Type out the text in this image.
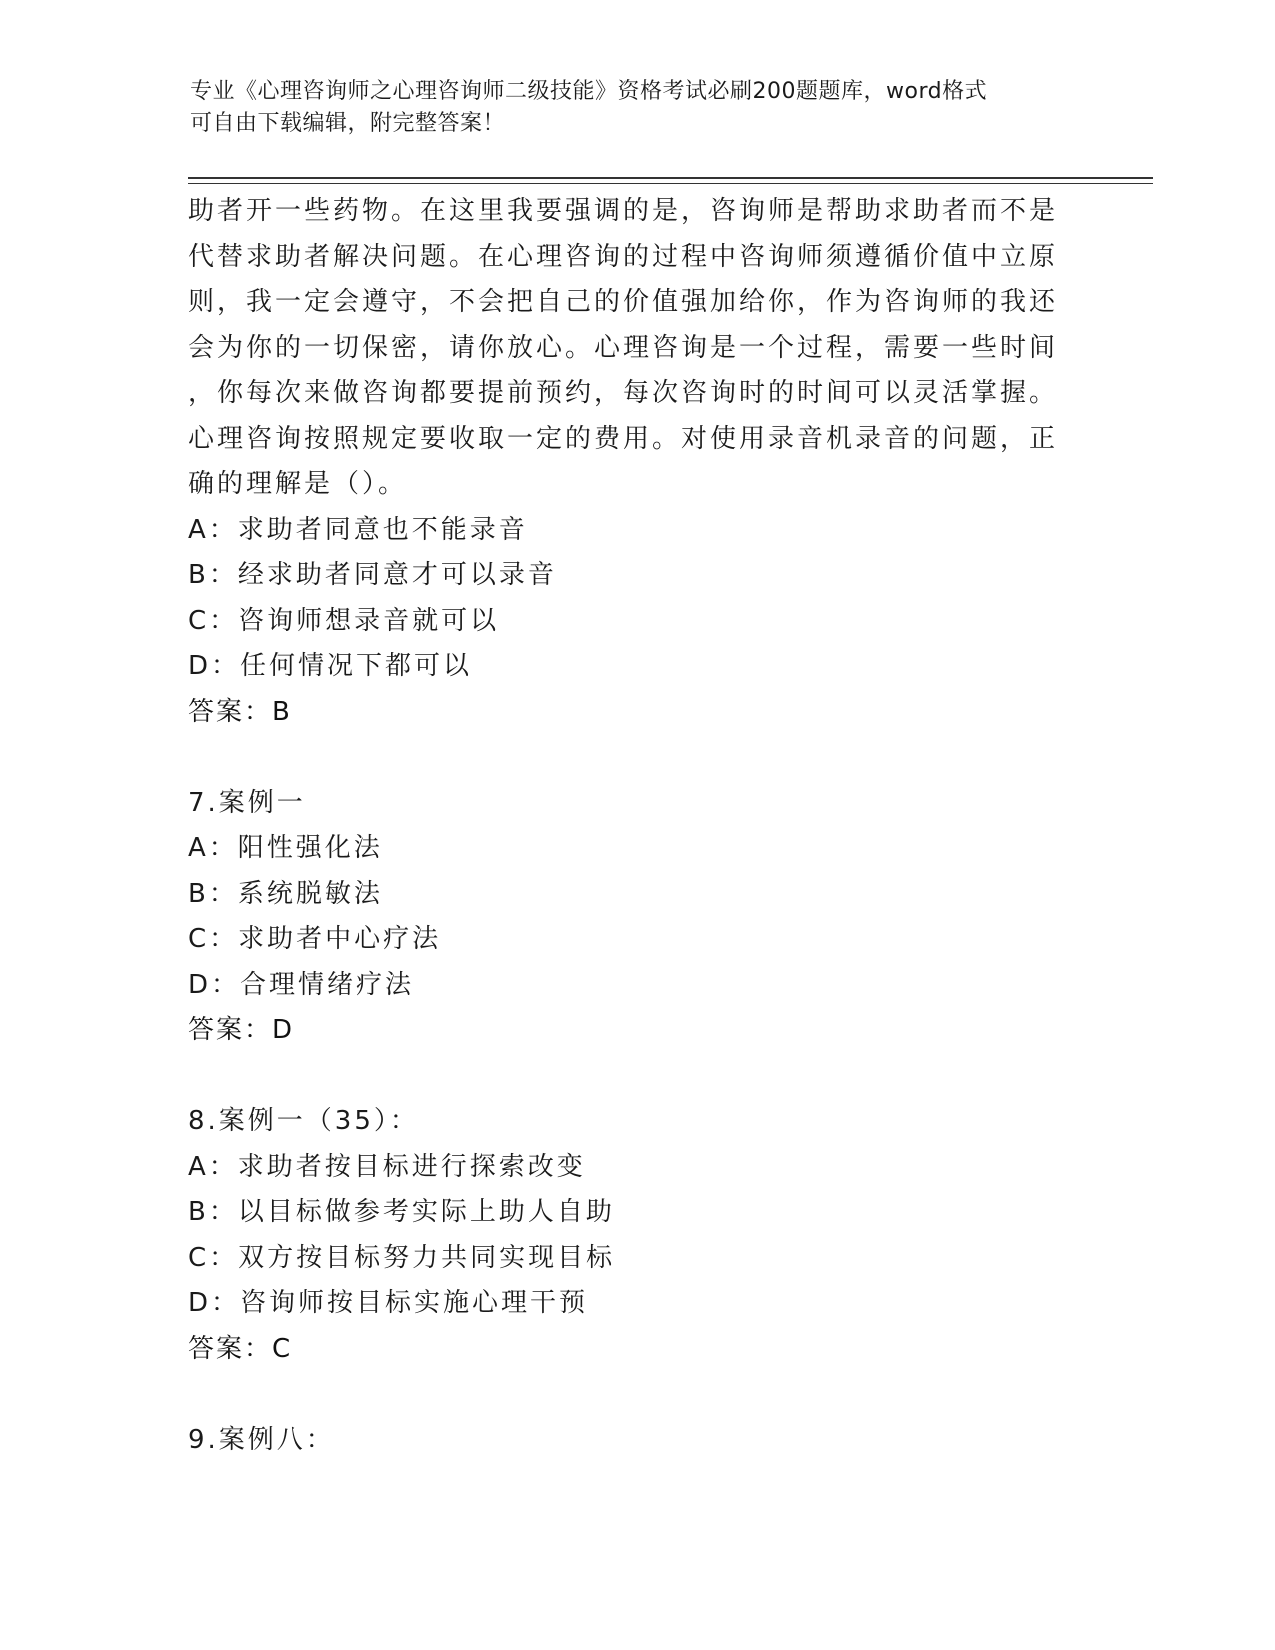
专业《心理咨询师之心理咨询师二级技能》资格考试必刷200题题库，word格式
可自由下载编辑，附完整答案！
助者开一些药物。在这里我要强调的是，咨询师是帮助求助者而不是
代替求助者解决问题。在心理咨询的过程中咨询师须遵循价值中立原
则，我一定会遵守，不会把自己的价值强加给你，作为咨询师的我还
会为你的一切保密，请你放心。心理咨询是一个过程，需要一些时间
，你每次来做咨询都要提前预约，每次咨询时的时间可以灵活掌握。
心理咨询按照规定要收取一定的费用。对使用录音机录音的问题，正
确的理解是（）。
A：求助者同意也不能录音
B：经求助者同意才可以录音
C：咨询师想录音就可以
D：任何情况下都可以
答案：B
7.案例一
A：阳性强化法
B：系统脱敏法
C：求助者中心疗法
D：合理情绪疗法
答案：D
8.案例一（35）：
A：求助者按目标进行探索改变
B：以目标做参考实际上助人自助
C：双方按目标努力共同实现目标
D：咨询师按目标实施心理干预
答案：C
9.案例八：
